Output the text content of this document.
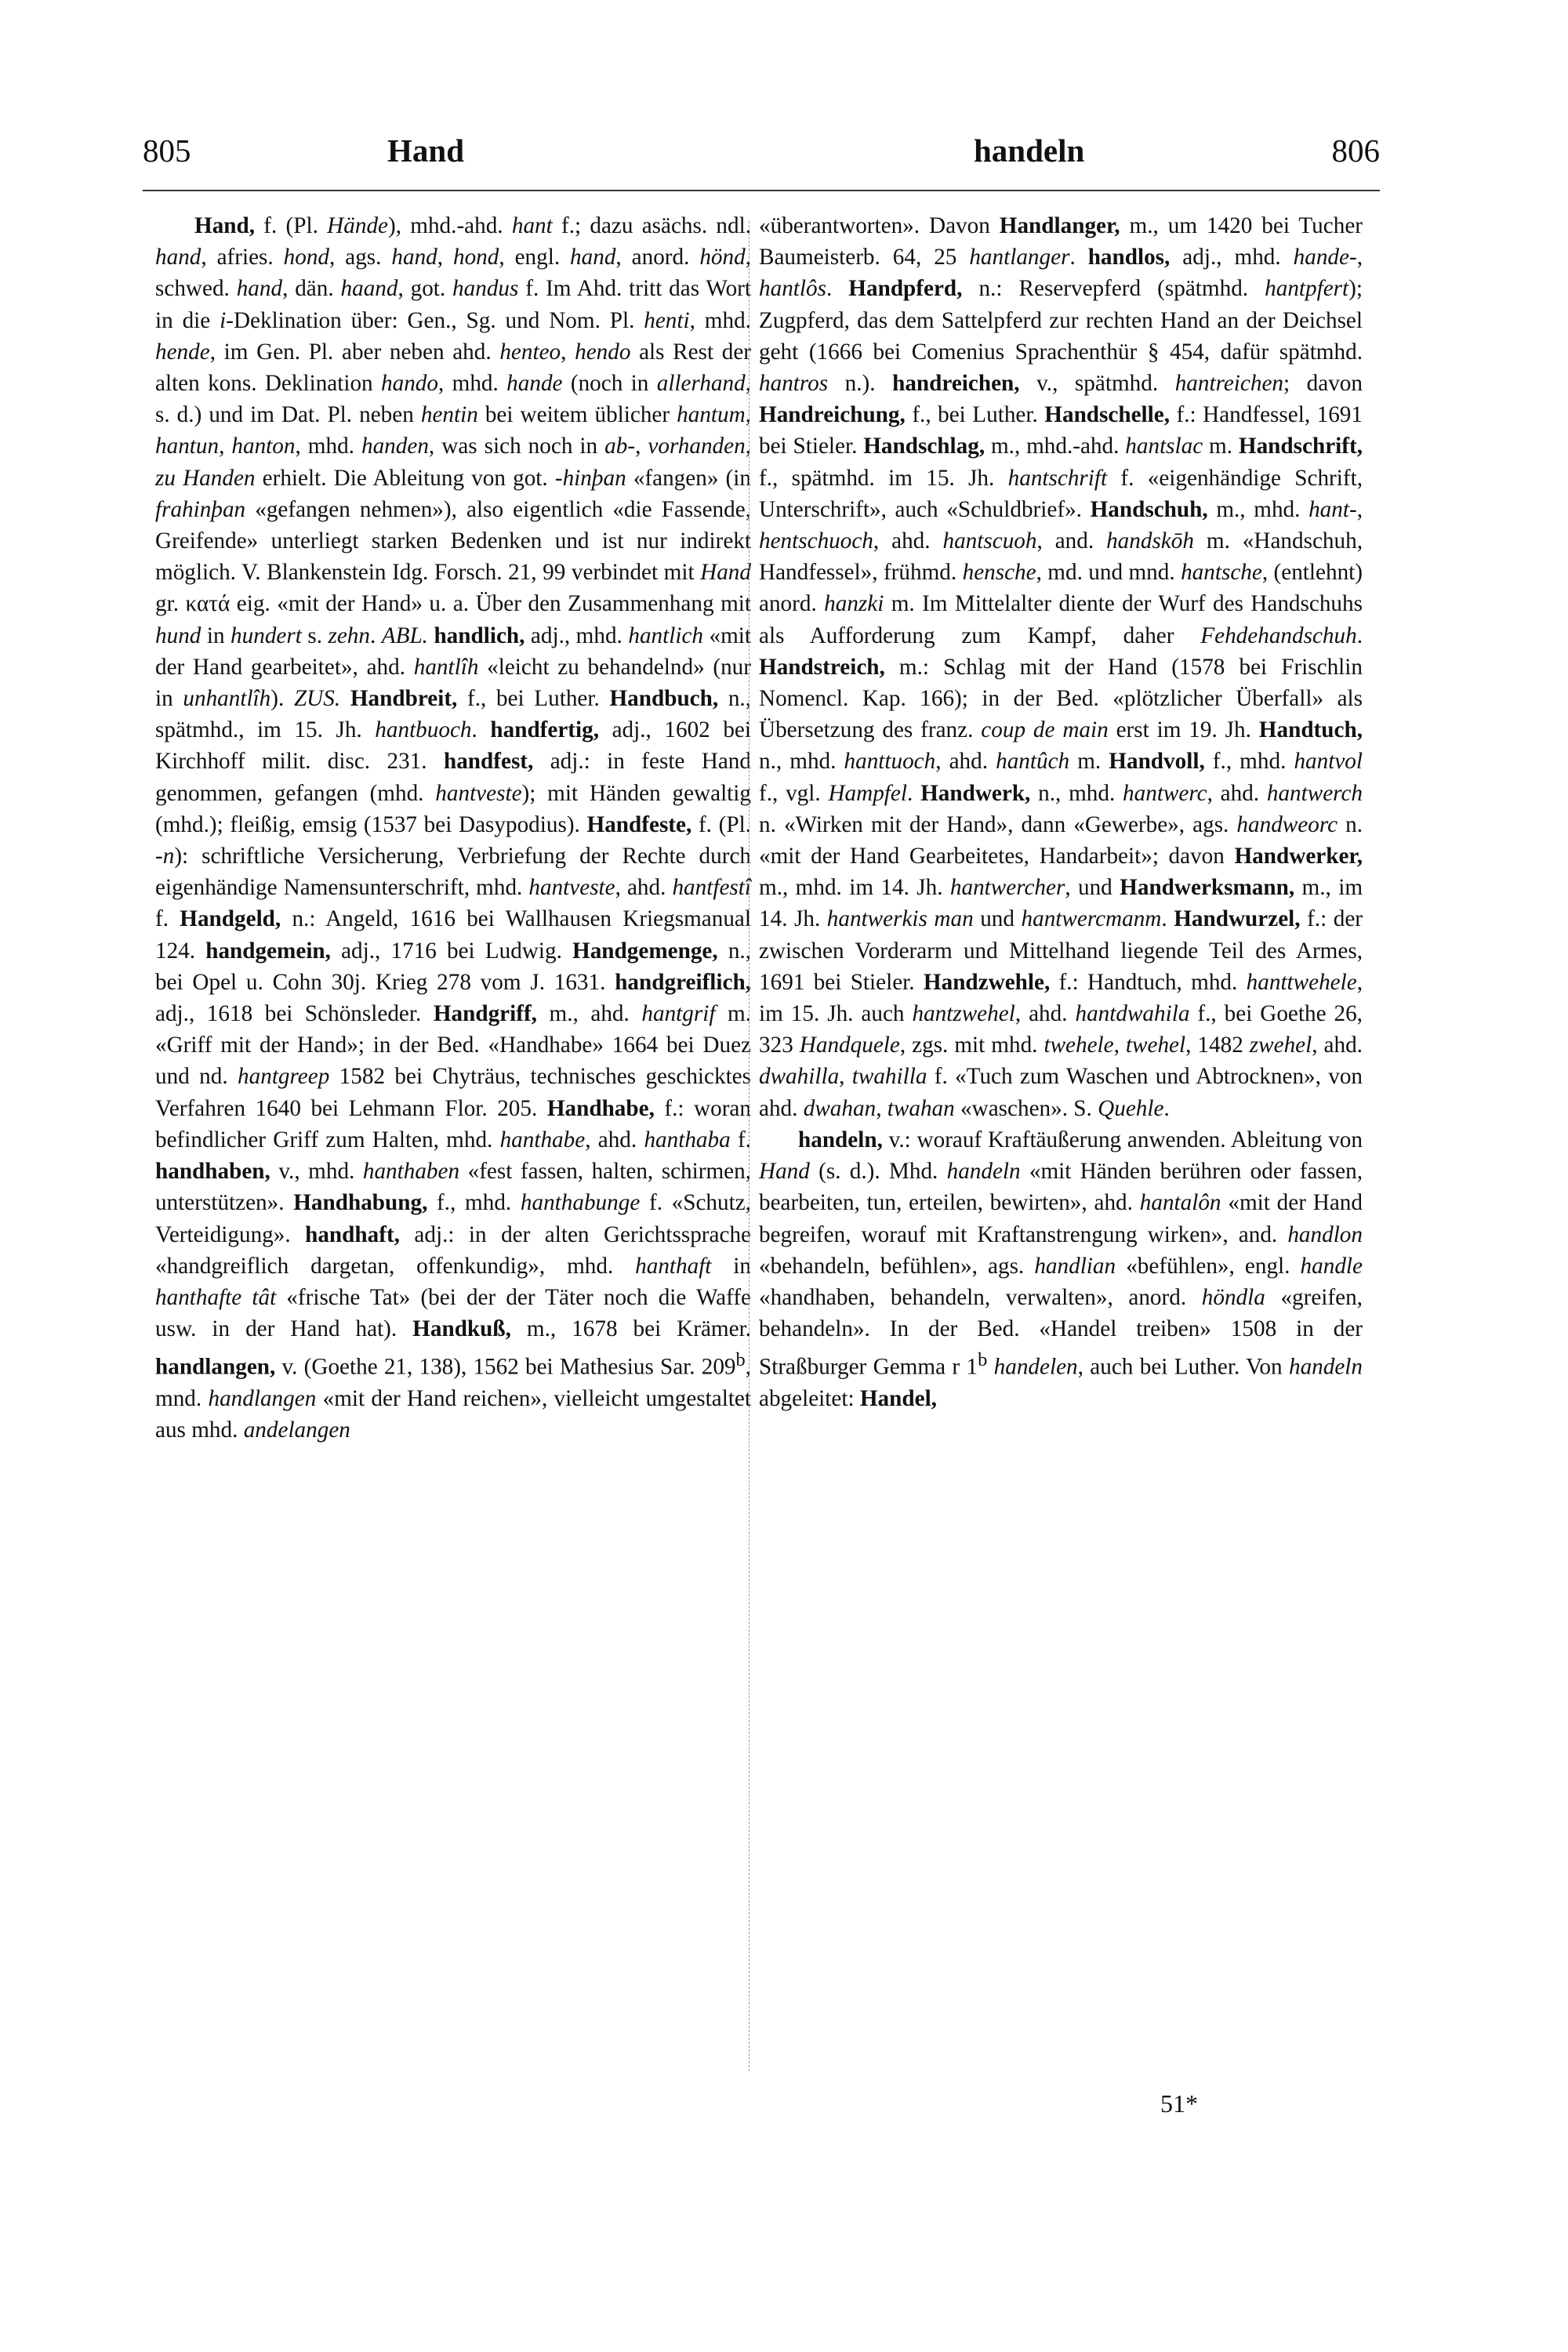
805	Hand	handeln	806

Hand, f. (Pl. Hände), mhd.-ahd. hant f.; dazu asächs. ndl. hand, afries. hond, ags. hand, hond, engl. hand, anord. hönd, schwed. hand, dän. haand, got. handus f. Im Ahd. tritt das Wort in die i-Deklination über: Gen., Sg. und Nom. Pl. henti, mhd. hende, im Gen. Pl. aber neben ahd. henteo, hendo als Rest der alten kons. Deklination hando, mhd. hande (noch in allerhand, s. d.) und im Dat. Pl. neben hentin bei weitem üblicher hantum, hantun, hanton, mhd. handen, was sich noch in ab-, vorhanden, zu Handen erhielt. Die Ableitung von got. -hinþan «fangen» (in frahinþan «gefangen nehmen»), also eigentlich «die Fassende, Greifende» unterliegt starken Bedenken und ist nur indirekt möglich. V. Blankenstein Idg. Forsch. 21, 99 verbindet mit Hand gr. κατά eig. «mit der Hand» u. a. Über den Zusammenhang mit hund in hundert s. zehn. ABL. handlich, adj., mhd. hantlich «mit der Hand gearbeitet», ahd. hantlîh «leicht zu behandelnd» (nur in unhantlîh). ZUS. Handbreit, f., bei Luther. Handbuch, n., spätmhd., im 15. Jh. hantbuoch. handfertig, adj., 1602 bei Kirchhoff milit. disc. 231. handfest, adj.: in feste Hand genommen, gefangen (mhd. hantveste); mit Händen gewaltig (mhd.); fleißig, emsig (1537 bei Dasypodius). Handfeste, f. (Pl. -n): schriftliche Versicherung, Verbriefung der Rechte durch eigenhändige Namensunterschrift, mhd. hantveste, ahd. hantfestî f. Handgeld, n.: Angeld, 1616 bei Wallhausen Kriegsmanual 124. handgemein, adj., 1716 bei Ludwig. Handgemenge, n., bei Opel u. Cohn 30j. Krieg 278 vom J. 1631. handgreiflich, adj., 1618 bei Schönsleder. Handgriff, m., ahd. hantgrif m. «Griff mit der Hand»; in der Bed. «Handhabe» 1664 bei Duez und nd. hantgreep 1582 bei Chyträus, technisches geschicktes Verfahren 1640 bei Lehmann Flor. 205. Handhabe, f.: woran befindlicher Griff zum Halten, mhd. hanthabe, ahd. hanthaba f. handhaben, v., mhd. hanthaben «fest fassen, halten, schirmen, unterstützen». Handhabung, f., mhd. hanthabunge f. «Schutz, Verteidigung». handhaft, adj.: in der alten Gerichtssprache «handgreiflich dargetan, offenkundig», mhd. hanthaft in hanthafte tât «frische Tat» (bei der der Täter noch die Waffe usw. in der Hand hat). Handkuß, m., 1678 bei Krämer. handlangen, v. (Goethe 21, 138), 1562 bei Mathesius Sar. 209$^b$, mnd. handlangen «mit der Hand reichen», vielleicht umgestaltet aus mhd. andelangen

«überantworten». Davon Handlanger, m., um 1420 bei Tucher Baumeisterb. 64, 25 hantlanger. handlos, adj., mhd. hande-, hantlôs. Handpferd, n.: Reservepferd (spätmhd. hantpfert); Zugpferd, das dem Sattelpferd zur rechten Hand an der Deichsel geht (1666 bei Comenius Sprachenthür § 454, dafür spätmhd. hantros n.). handreichen, v., spätmhd. hantreichen; davon Handreichung, f., bei Luther. Handschelle, f.: Handfessel, 1691 bei Stieler. Handschlag, m., mhd.-ahd. hantslac m. Handschrift, f., spätmhd. im 15. Jh. hantschrift f. «eigenhändige Schrift, Unterschrift», auch «Schuldbrief». Handschuh, m., mhd. hant-, hentschuoch, ahd. hantscuoh, and. handskōh m. «Handschuh, Handfessel», frühmd. hensche, md. und mnd. hantsche, (entlehnt) anord. hanzki m. Im Mittelalter diente der Wurf des Handschuhs als Aufforderung zum Kampf, daher Fehdehandschuh. Handstreich, m.: Schlag mit der Hand (1578 bei Frischlin Nomencl. Kap. 166); in der Bed. «plötzlicher Überfall» als Übersetzung des franz. coup de main erst im 19. Jh. Handtuch, n., mhd. hanttuoch, ahd. hantûch m. Handvoll, f., mhd. hantvol f., vgl. Hampfel. Handwerk, n., mhd. hantwerc, ahd. hantwerch n. «Wirken mit der Hand», dann «Gewerbe», ags. handweorc n. «mit der Hand Gearbeitetes, Handarbeit»; davon Handwerker, m., mhd. im 14. Jh. hantwercher, und Handwerksmann, m., im 14. Jh. hantwerkis man und hantwercmanm. Handwurzel, f.: der zwischen Vorderarm und Mittelhand liegende Teil des Armes, 1691 bei Stieler. Handzwehle, f.: Handtuch, mhd. hanttwehele, im 15. Jh. auch hantzwehel, ahd. hantdwahila f., bei Goethe 26, 323 Handquele, zgs. mit mhd. twehele, twehel, 1482 zwehel, ahd. dwahilla, twahilla f. «Tuch zum Waschen und Abtrocknen», von ahd. dwahan, twahan «waschen». S. Quehle.

handeln, v.: worauf Kraftäußerung anwenden. Ableitung von Hand (s. d.). Mhd. handeln «mit Händen berühren oder fassen, bearbeiten, tun, erteilen, bewirten», ahd. hantalôn «mit der Hand begreifen, worauf mit Kraftanstrengung wirken», and. handlon «behandeln, befühlen», ags. handlian «befühlen», engl. handle «handhaben, behandeln, verwalten», anord. höndla «greifen, behandeln». In der Bed. «Handel treiben» 1508 in der Straßburger Gemma r 1$^b$ handelen, auch bei Luther. Von handeln abgeleitet: Handel,

51*
